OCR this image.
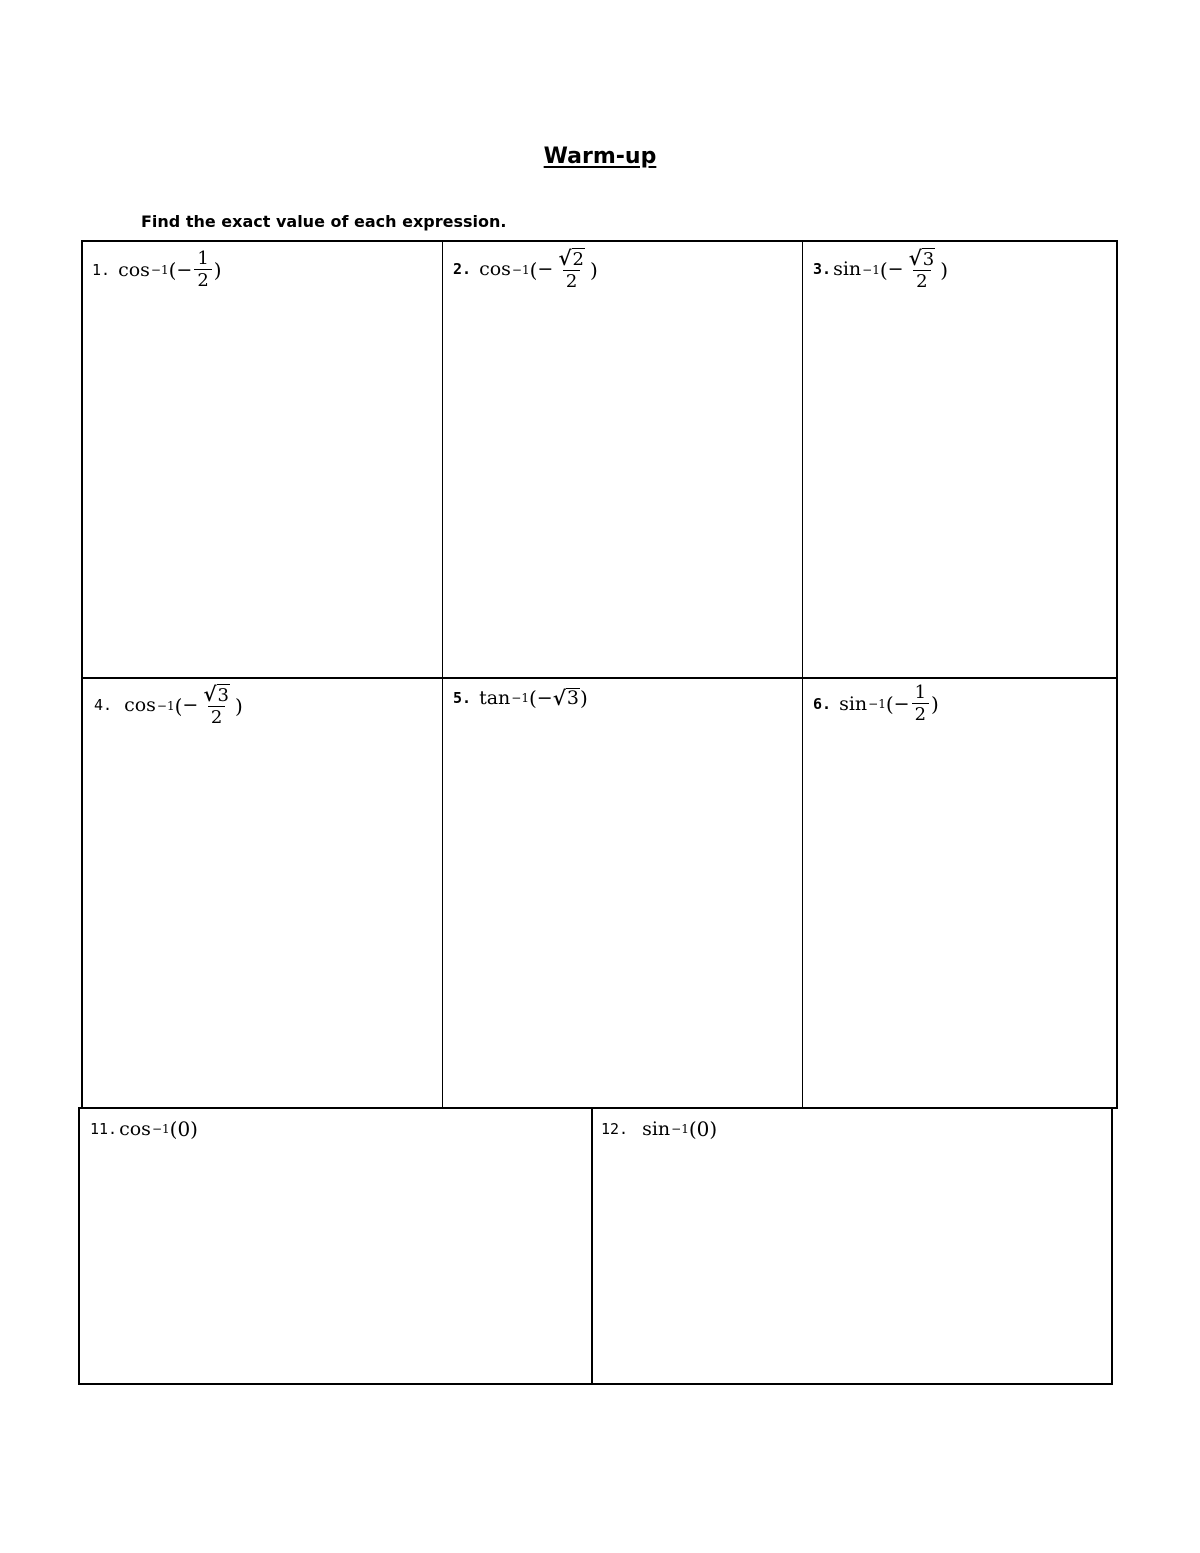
Warm-up
Find the exact value of each expression.
1. cos −1 ( − $\frac{1}{2}$ )	2. cos −1 ( − $\frac{√2}{2}$ )	3. sin −1 ( − $\frac{√3}{2}$ )
4. cos −1 ( − $\frac{√3}{2}$ )	5. tan −1 ( − √ 3 )	6. sin −1 ( − $\frac{1}{2}$ )
11. cos −1 (0)	12. sin −1 (0)
